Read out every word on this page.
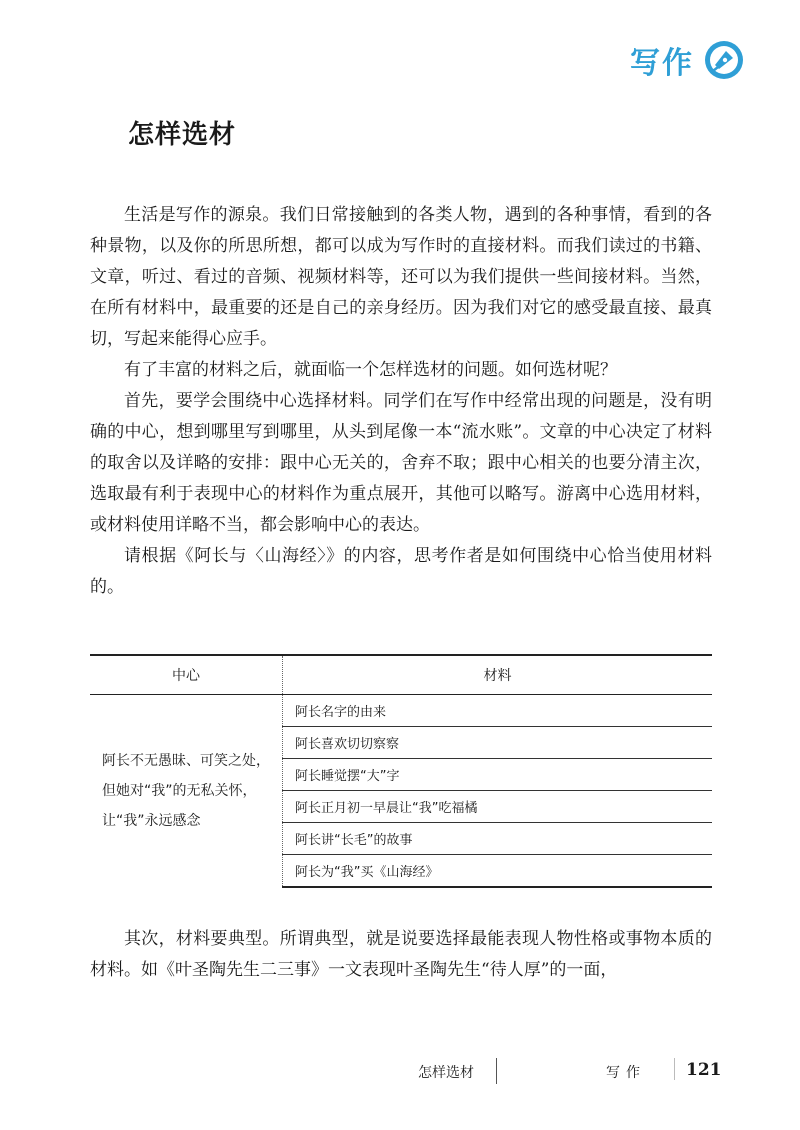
写作
怎样选材

生活是写作的源泉。我们日常接触到的各类人物，遇到的各种事情，看到的各种景物，以及你的所思所想，都可以成为写作时的直接材料。而我们读过的书籍、文章，听过、看过的音频、视频材料等，还可以为我们提供一些间接材料。当然，在所有材料中，最重要的还是自己的亲身经历。因为我们对它的感受最直接、最真切，写起来能得心应手。

有了丰富的材料之后，就面临一个怎样选材的问题。如何选材呢？

首先，要学会围绕中心选择材料。同学们在写作中经常出现的问题是，没有明确的中心，想到哪里写到哪里，从头到尾像一本“流水账”。文章的中心决定了材料的取舍以及详略的安排：跟中心无关的，舍弃不取；跟中心相关的也要分清主次，选取最有利于表现中心的材料作为重点展开，其他可以略写。游离中心选用材料，或材料使用详略不当，都会影响中心的表达。

请根据《阿长与〈山海经〉》的内容，思考作者是如何围绕中心恰当使用材料的。

中心	材料
阿长不无愚昧、可笑之处，但她对“我”的无私关怀，让“我”永远感念	阿长名字的由来
	阿长喜欢切切察察
	阿长睡觉摆“大”字
	阿长正月初一早晨让“我”吃福橘
	阿长讲“长毛”的故事
	阿长为“我”买《山海经》

其次，材料要典型。所谓典型，就是说要选择最能表现人物性格或事物本质的材料。如《叶圣陶先生二三事》一文表现叶圣陶先生“待人厚”的一面，

怎样选材	写作 121
